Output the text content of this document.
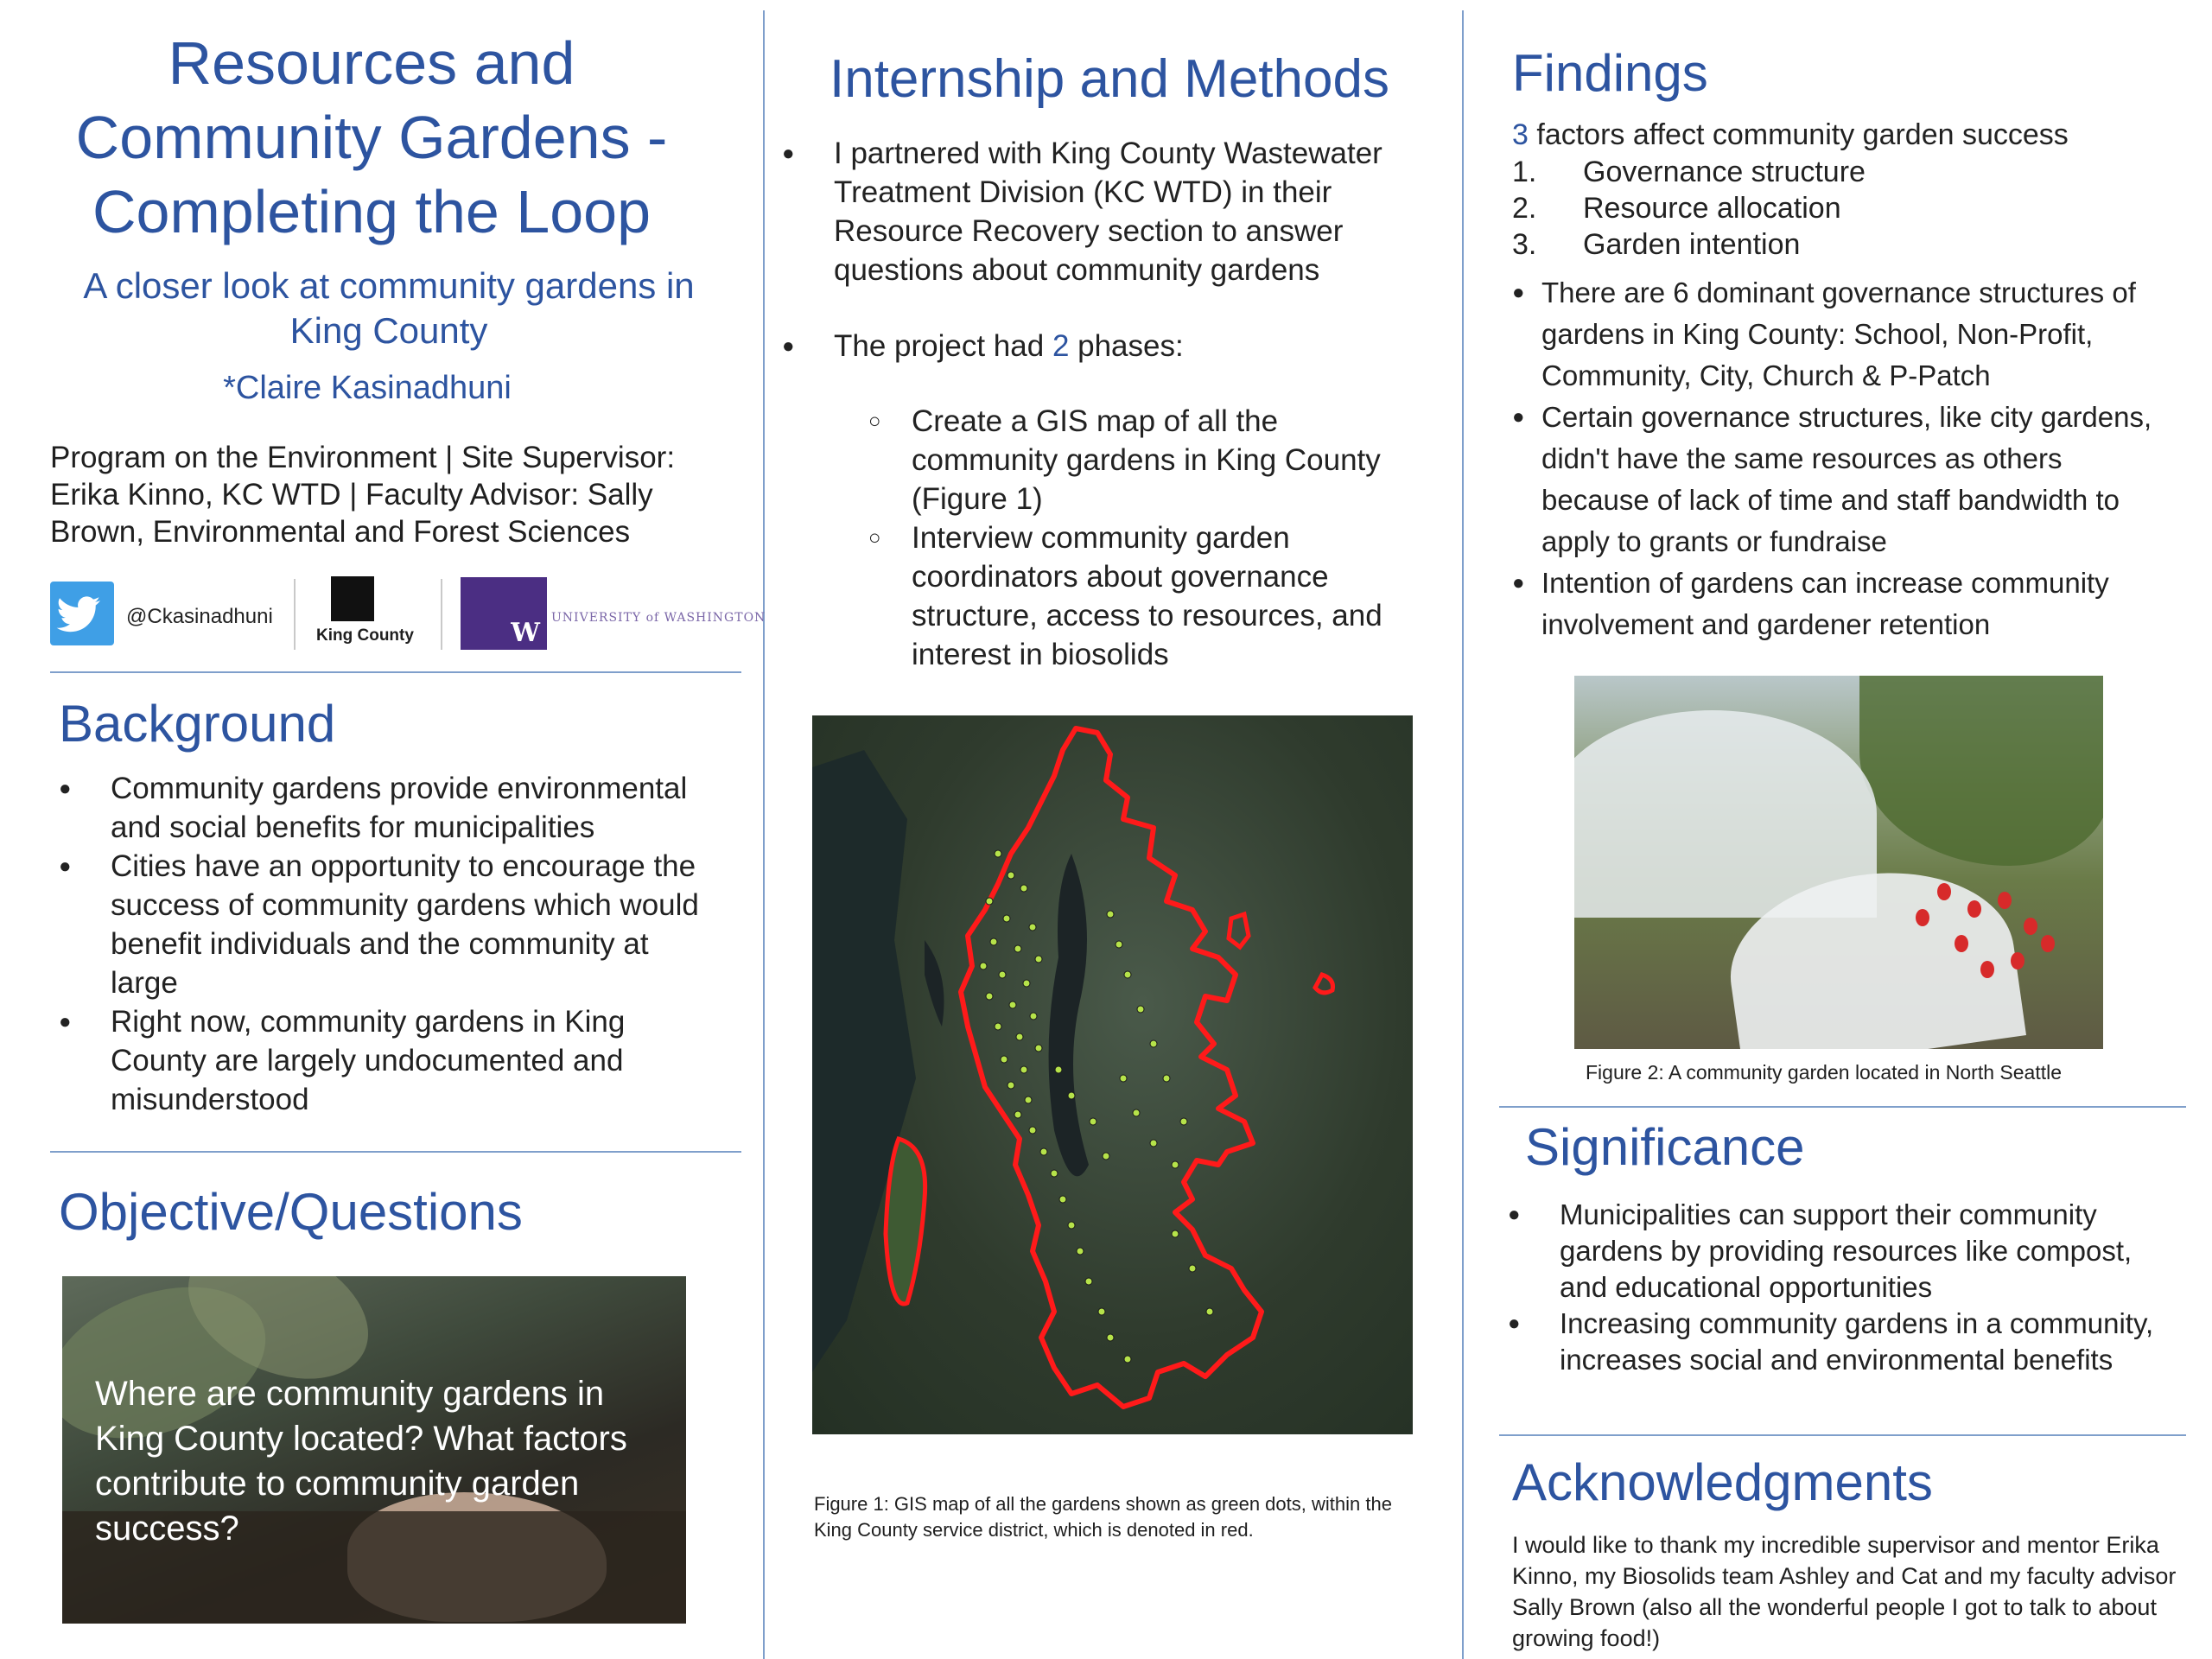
Resources and
Community Gardens -
Completing the Loop
A closer look at community gardens in
King County
*Claire Kasinadhuni
Program on the Environment | Site Supervisor: Erika Kinno, KC WTD | Faculty Advisor: Sally Brown, Environmental and Forest Sciences
@Ckasinadhuni
King County	W UNIVERSITY of WASHINGTON
Background
● Community gardens provide environmental and social benefits for municipalities
● Cities have an opportunity to encourage the success of community gardens which would benefit individuals and the community at large
● Right now, community gardens in King County are largely undocumented and misunderstood
Objective/Questions
Where are community gardens in King County located? What factors contribute to community garden success?
Internship and Methods
● I partnered with King County Wastewater Treatment Division (KC WTD) in their Resource Recovery section to answer questions about community gardens
● The project had 2 phases:
○ Create a GIS map of all the community gardens in King County (Figure 1)
○ Interview community garden coordinators about governance structure, access to resources, and interest in biosolids
Figure 1: GIS map of all the gardens shown as green dots, within the King County service district, which is denoted in red.
Findings
3 factors affect community garden success
1. Governance structure
2. Resource allocation
3. Garden intention
● There are 6 dominant governance structures of gardens in King County: School, Non-Profit, Community, City, Church & P-Patch
● Certain governance structures, like city gardens, didn't have the same resources as others because of lack of time and staff bandwidth to apply to grants or fundraise
● Intention of gardens can increase community involvement and gardener retention
Figure 2: A community garden located in North Seattle
Significance
● Municipalities can support their community gardens by providing resources like compost, and educational opportunities
● Increasing community gardens in a community, increases social and environmental benefits
Acknowledgments
I would like to thank my incredible supervisor and mentor Erika Kinno, my Biosolids team Ashley and Cat and my faculty advisor Sally Brown (also all the wonderful people I got to talk to about growing food!)
